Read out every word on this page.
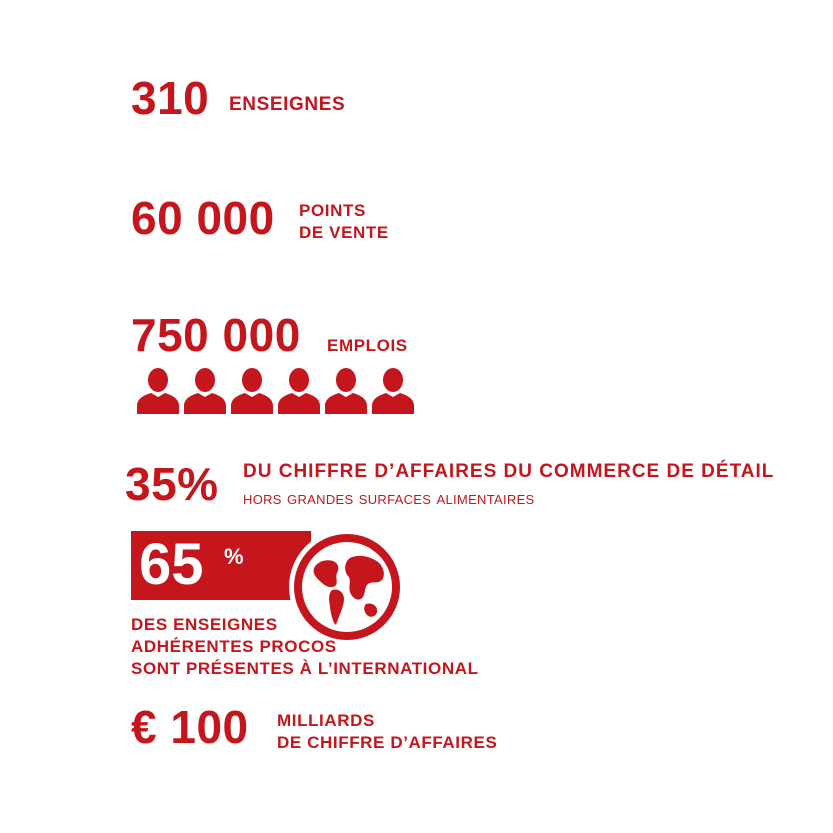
310 ENSEIGNES
60 000 POINTS
DE VENTE
750 000 EMPLOIS
35% DU CHIFFRE D’AFFAIRES DU COMMERCE DE DÉTAIL
hors grandes surfaces alimentaires
65 %
DES ENSEIGNES
ADHÉRENTES PROCOS
SONT PRÉSENTES À L’INTERNATIONAL
€ 100 MILLIARDS
DE CHIFFRE D’AFFAIRES
